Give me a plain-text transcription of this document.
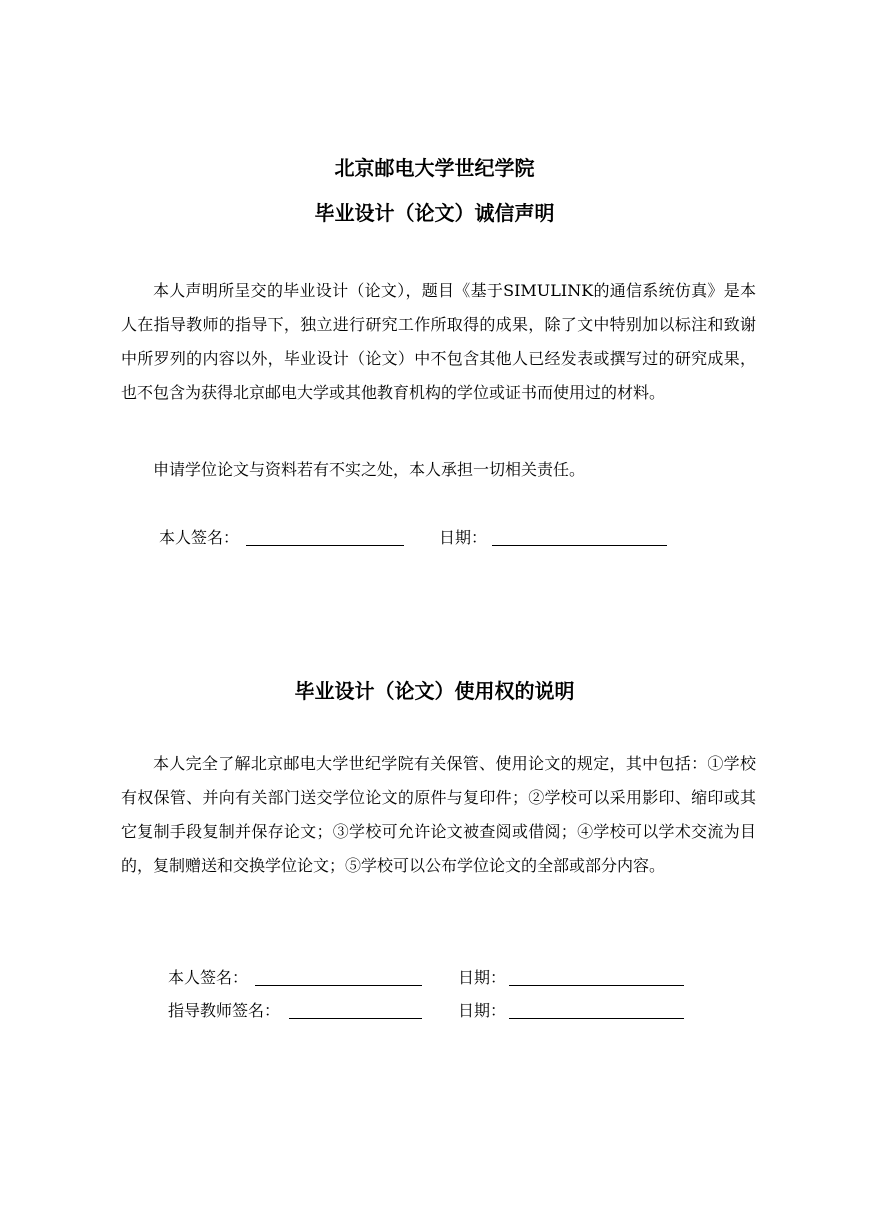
北京邮电大学世纪学院
毕业设计（论文）诚信声明

本人声明所呈交的毕业设计（论文），题目《基于SIMULINK的通信系统仿真》是本人在指导教师的指导下，独立进行研究工作所取得的成果，除了文中特别加以标注和致谢中所罗列的内容以外，毕业设计（论文）中不包含其他人已经发表或撰写过的研究成果，也不包含为获得北京邮电大学或其他教育机构的学位或证书而使用过的材料。

申请学位论文与资料若有不实之处，本人承担一切相关责任。

本人签名：	日期：
毕业设计（论文）使用权的说明

本人完全了解北京邮电大学世纪学院有关保管、使用论文的规定，其中包括：①学校有权保管、并向有关部门送交学位论文的原件与复印件；②学校可以采用影印、缩印或其它复制手段复制并保存论文；③学校可允许论文被查阅或借阅；④学校可以学术交流为目的，复制赠送和交换学位论文；⑤学校可以公布学位论文的全部或部分内容。

本人签名：	日期：
指导教师签名：	日期：
